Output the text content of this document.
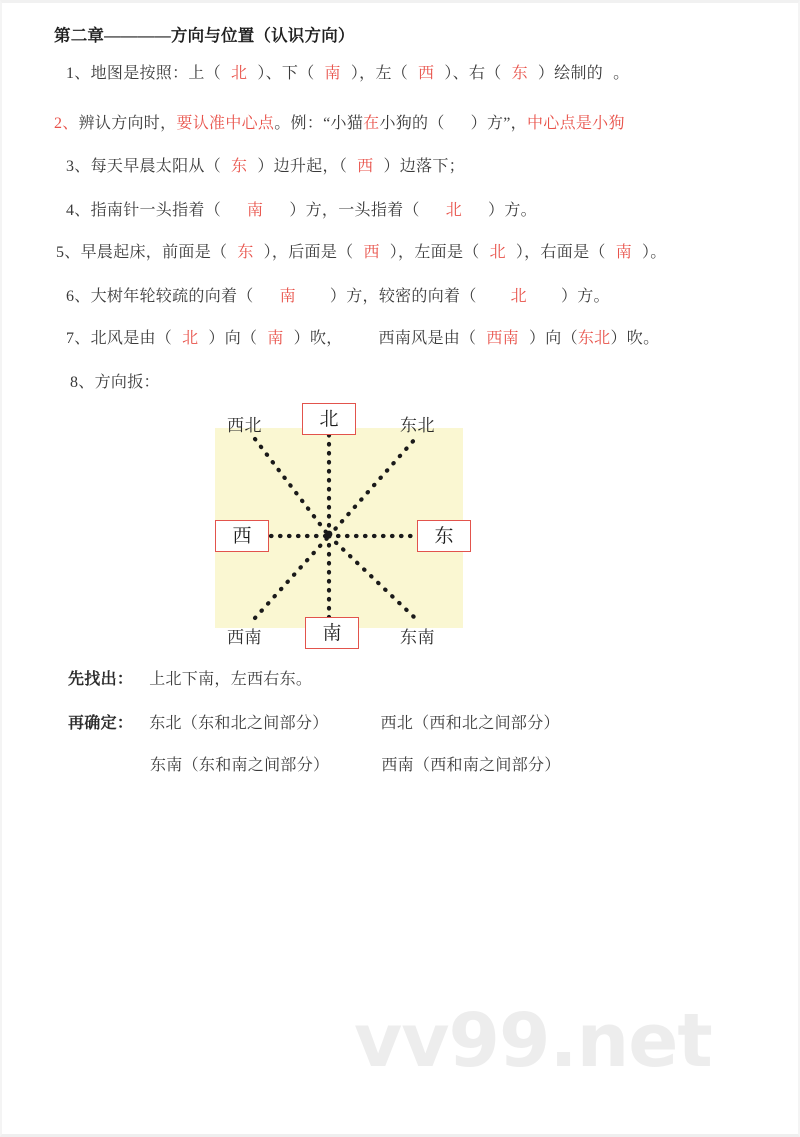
vv99.net
第二章————方向与位置（认识方向）
1、地图是按照：上（ 北 ）、下（ 南 ），左（ 西 ）、右（ 东 ）绘制的 。
2、辨认方向时，要认准中心点。例：“小猫在小狗的（ ）方”，中心点是小狗
3、每天早晨太阳从（ 东 ）边升起，（ 西 ）边落下；
4、指南针一头指着（ 南 ）方，一头指着（ 北 ）方。
5、早晨起床，前面是（ 东 ），后面是（ 西 ），左面是（ 北 ），右面是（ 南 ）。
6、大树年轮较疏的向着（ 南 ）方，较密的向着（ 北 ）方。
7、北风是由（ 北 ）向（ 南 ）吹， 西南风是由（ 西南 ）向（东北）吹。
8、方向扳：
北
南
西	东
西北	东北
西南	东南
先找出： 上北下南，左西右东。
再确定： 东北（东和北之间部分）	西北（西和北之间部分）
东南（东和南之间部分）	西南（西和南之间部分）
